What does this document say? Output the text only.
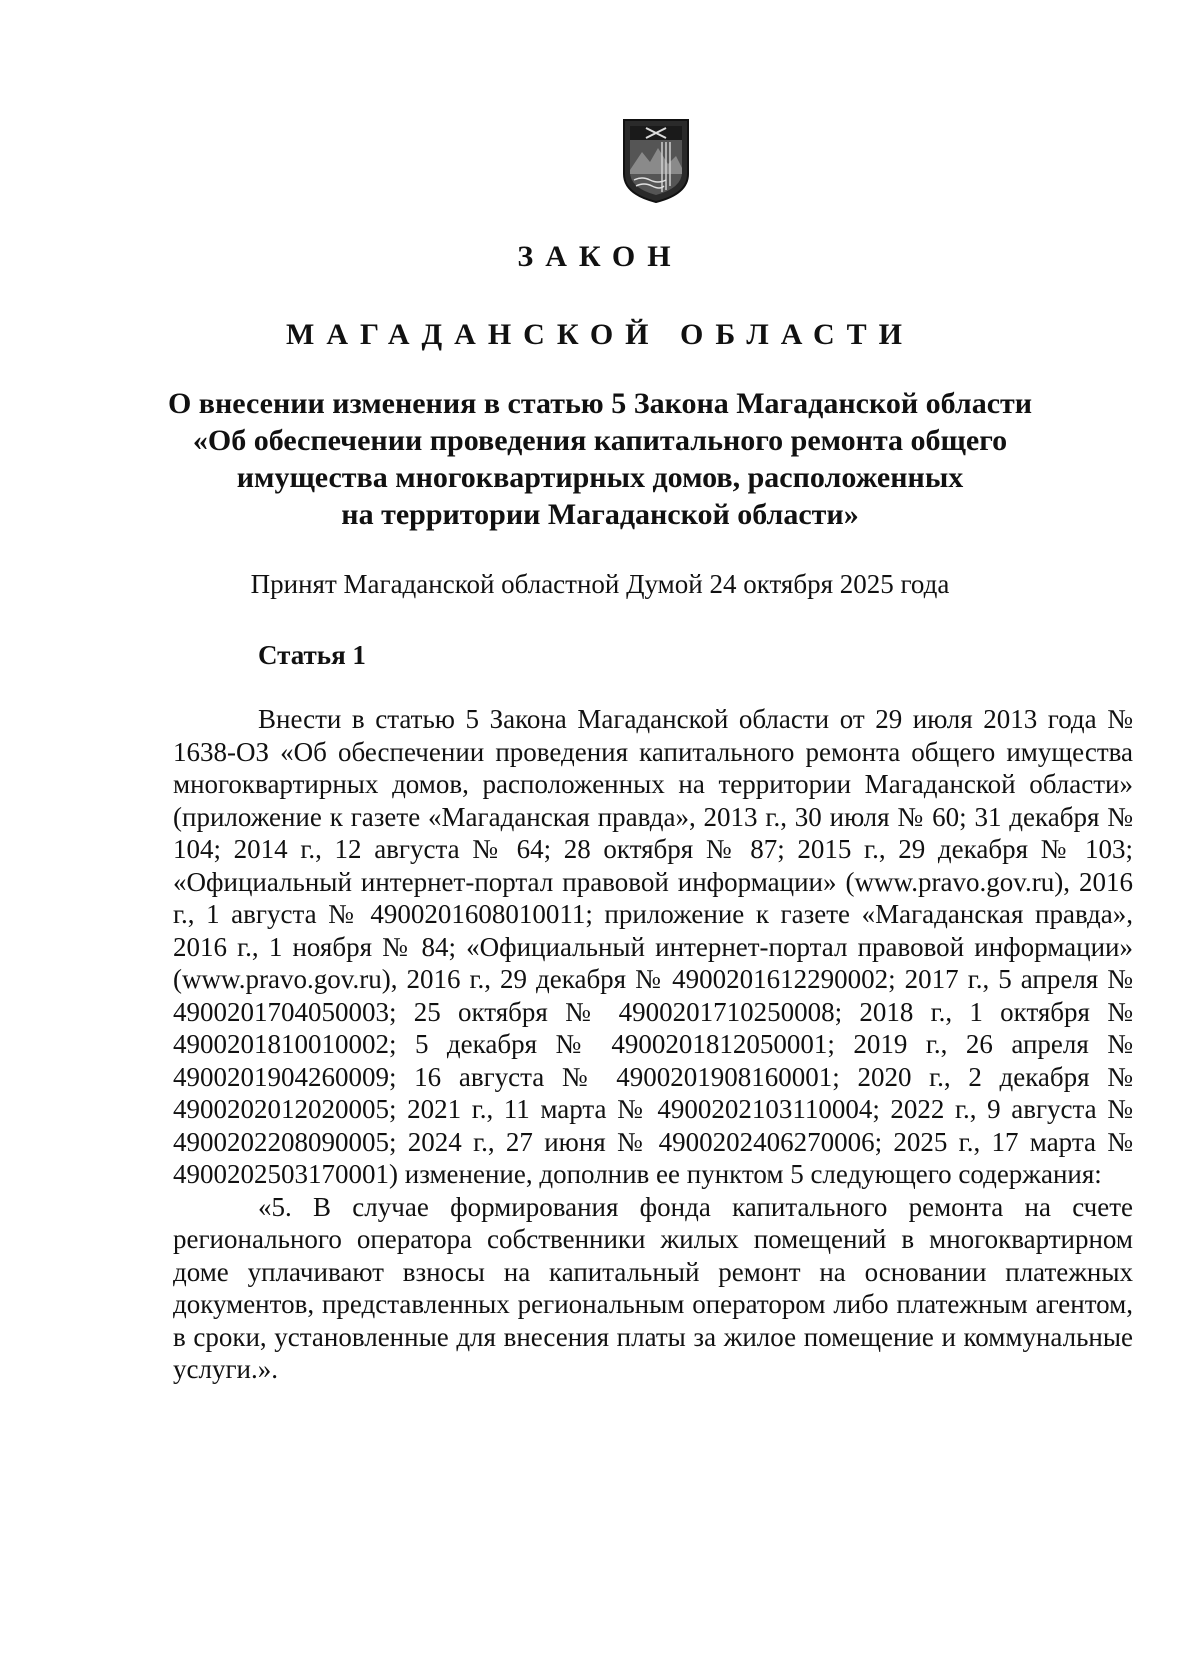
ЗАКОН
МАГАДАНСКОЙ ОБЛАСТИ
О внесении изменения в статью 5 Закона Магаданской области
«Об обеспечении проведения капитального ремонта общего
имущества многоквартирных домов, расположенных
на территории Магаданской области»
Принят Магаданской областной Думой 24 октября 2025 года
Статья 1

Внести в статью 5 Закона Магаданской области от 29 июля 2013 года № 1638-ОЗ «Об обеспечении проведения капитального ремонта общего имущества многоквартирных домов, расположенных на территории Магаданской области» (приложение к газете «Магаданская правда», 2013 г., 30 июля № 60; 31 декабря № 104; 2014 г., 12 августа № 64; 28 октября № 87; 2015 г., 29 декабря № 103; «Официальный интернет-портал правовой информации» (www.pravo.gov.ru), 2016 г., 1 августа № 4900201608010011; приложение к газете «Магаданская правда», 2016 г., 1 ноября № 84; «Официальный интернет-портал правовой информации» (www.pravo.gov.ru), 2016 г., 29 декабря № 4900201612290002; 2017 г., 5 апреля № 4900201704050003; 25 октября № 4900201710250008; 2018 г., 1 октября № 4900201810010002; 5 декабря № 4900201812050001; 2019 г., 26 апреля № 4900201904260009; 16 августа № 4900201908160001; 2020 г., 2 декабря № 4900202012020005; 2021 г., 11 марта № 4900202103110004; 2022 г., 9 августа № 4900202208090005; 2024 г., 27 июня № 4900202406270006; 2025 г., 17 марта № 4900202503170001) изменение, дополнив ее пунктом 5 следующего содержания:

«5. В случае формирования фонда капитального ремонта на счете регионального оператора собственники жилых помещений в многоквартирном доме уплачивают взносы на капитальный ремонт на основании платежных документов, представленных региональным оператором либо платежным агентом, в сроки, установленные для внесения платы за жилое помещение и коммунальные услуги.».
